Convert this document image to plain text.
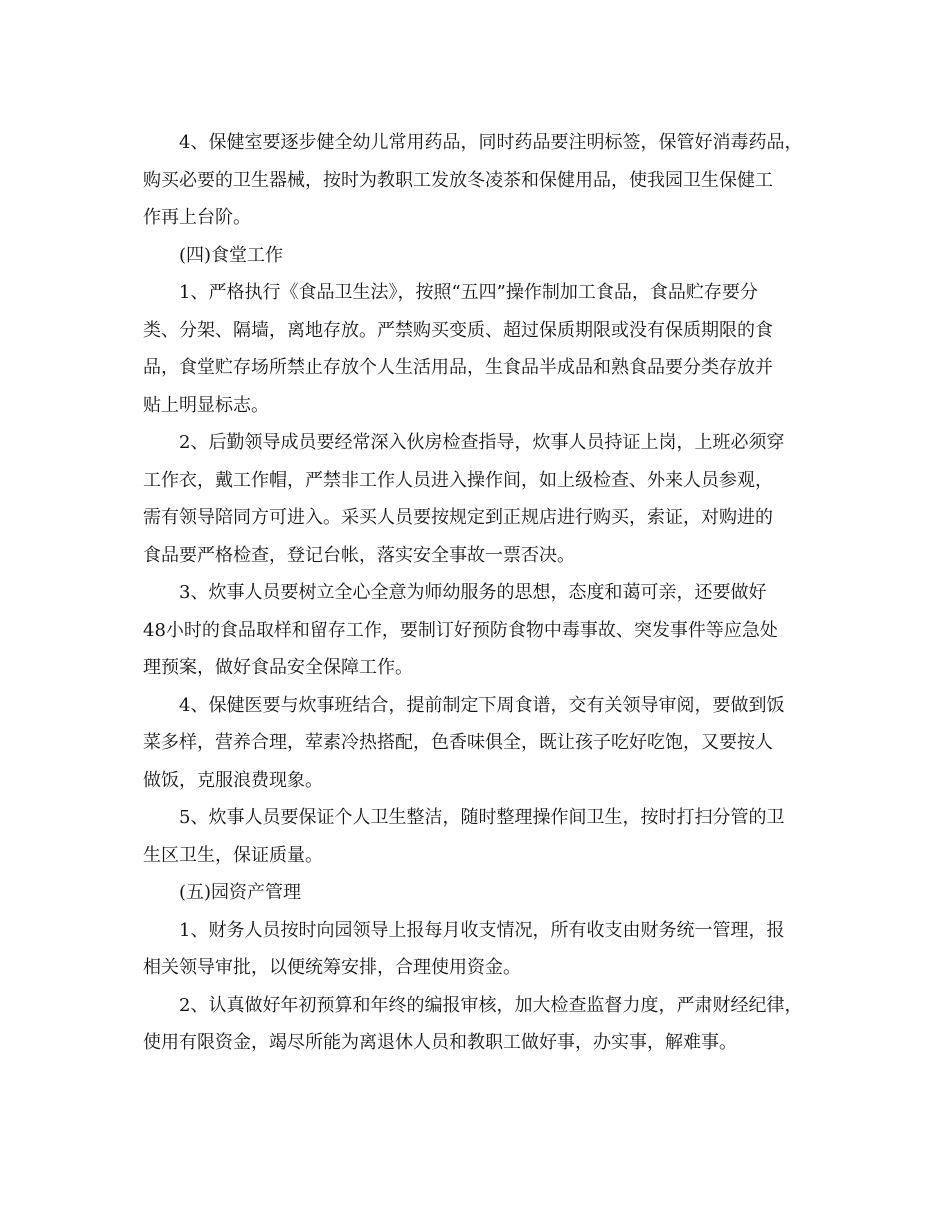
4、保健室要逐步健全幼儿常用药品，同时药品要注明标签，保管好消毒药品，
购买必要的卫生器械，按时为教职工发放冬凌茶和保健用品，使我园卫生保健工
作再上台阶。
(四)食堂工作
1、严格执行《食品卫生法》，按照“五四”操作制加工食品，食品贮存要分
类、分架、隔墙，离地存放。严禁购买变质、超过保质期限或没有保质期限的食
品，食堂贮存场所禁止存放个人生活用品，生食品半成品和熟食品要分类存放并
贴上明显标志。
2、后勤领导成员要经常深入伙房检查指导，炊事人员持证上岗，上班必须穿
工作衣，戴工作帽，严禁非工作人员进入操作间，如上级检查、外来人员参观，
需有领导陪同方可进入。采买人员要按规定到正规店进行购买，索证，对购进的
食品要严格检查，登记台帐，落实安全事故一票否决。
3、炊事人员要树立全心全意为师幼服务的思想，态度和蔼可亲，还要做好
48小时的食品取样和留存工作，要制订好预防食物中毒事故、突发事件等应急处
理预案，做好食品安全保障工作。
4、保健医要与炊事班结合，提前制定下周食谱，交有关领导审阅，要做到饭
菜多样，营养合理，荤素冷热搭配，色香味俱全，既让孩子吃好吃饱，又要按人
做饭，克服浪费现象。
5、炊事人员要保证个人卫生整洁，随时整理操作间卫生，按时打扫分管的卫
生区卫生，保证质量。
(五)园资产管理
1、财务人员按时向园领导上报每月收支情况，所有收支由财务统一管理，报
相关领导审批，以便统筹安排，合理使用资金。
2、认真做好年初预算和年终的编报审核，加大检查监督力度，严肃财经纪律，
使用有限资金，竭尽所能为离退休人员和教职工做好事，办实事，解难事。
